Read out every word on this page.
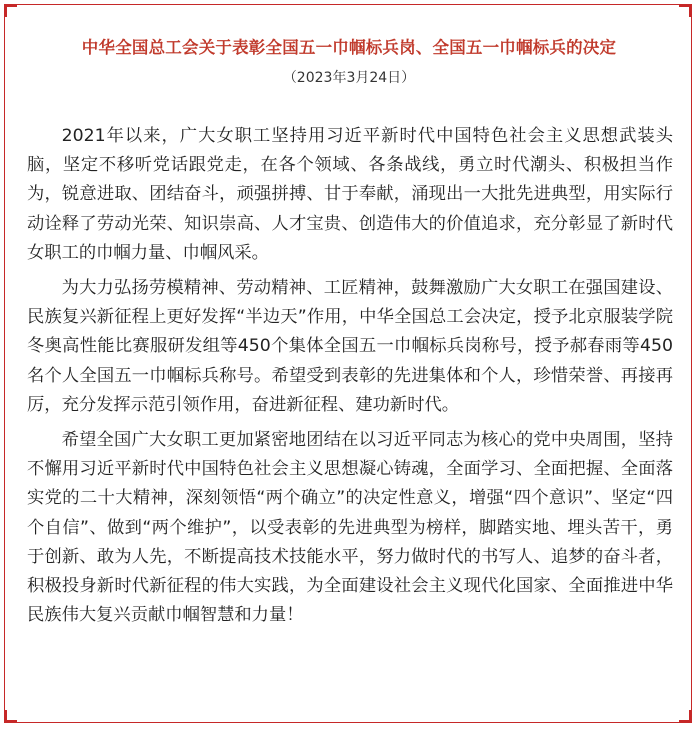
中华全国总工会关于表彰全国五一巾帼标兵岗、全国五一巾帼标兵的决定
（2023年3月24日）

2021年以来，广大女职工坚持用习近平新时代中国特色社会主义思想武装头脑，坚定不移听党话跟党走，在各个领域、各条战线，勇立时代潮头、积极担当作为，锐意进取、团结奋斗，顽强拼搏、甘于奉献，涌现出一大批先进典型，用实际行动诠释了劳动光荣、知识崇高、人才宝贵、创造伟大的价值追求，充分彰显了新时代女职工的巾帼力量、巾帼风采。

为大力弘扬劳模精神、劳动精神、工匠精神，鼓舞激励广大女职工在强国建设、民族复兴新征程上更好发挥“半边天”作用，中华全国总工会决定，授予北京服装学院冬奥高性能比赛服研发组等450个集体全国五一巾帼标兵岗称号，授予郝春雨等450名个人全国五一巾帼标兵称号。希望受到表彰的先进集体和个人，珍惜荣誉、再接再厉，充分发挥示范引领作用，奋进新征程、建功新时代。

希望全国广大女职工更加紧密地团结在以习近平同志为核心的党中央周围，坚持不懈用习近平新时代中国特色社会主义思想凝心铸魂，全面学习、全面把握、全面落实党的二十大精神，深刻领悟“两个确立”的决定性意义，增强“四个意识”、坚定“四个自信”、做到“两个维护”，以受表彰的先进典型为榜样，脚踏实地、埋头苦干，勇于创新、敢为人先，不断提高技术技能水平，努力做时代的书写人、追梦的奋斗者，积极投身新时代新征程的伟大实践，为全面建设社会主义现代化国家、全面推进中华民族伟大复兴贡献巾帼智慧和力量！
